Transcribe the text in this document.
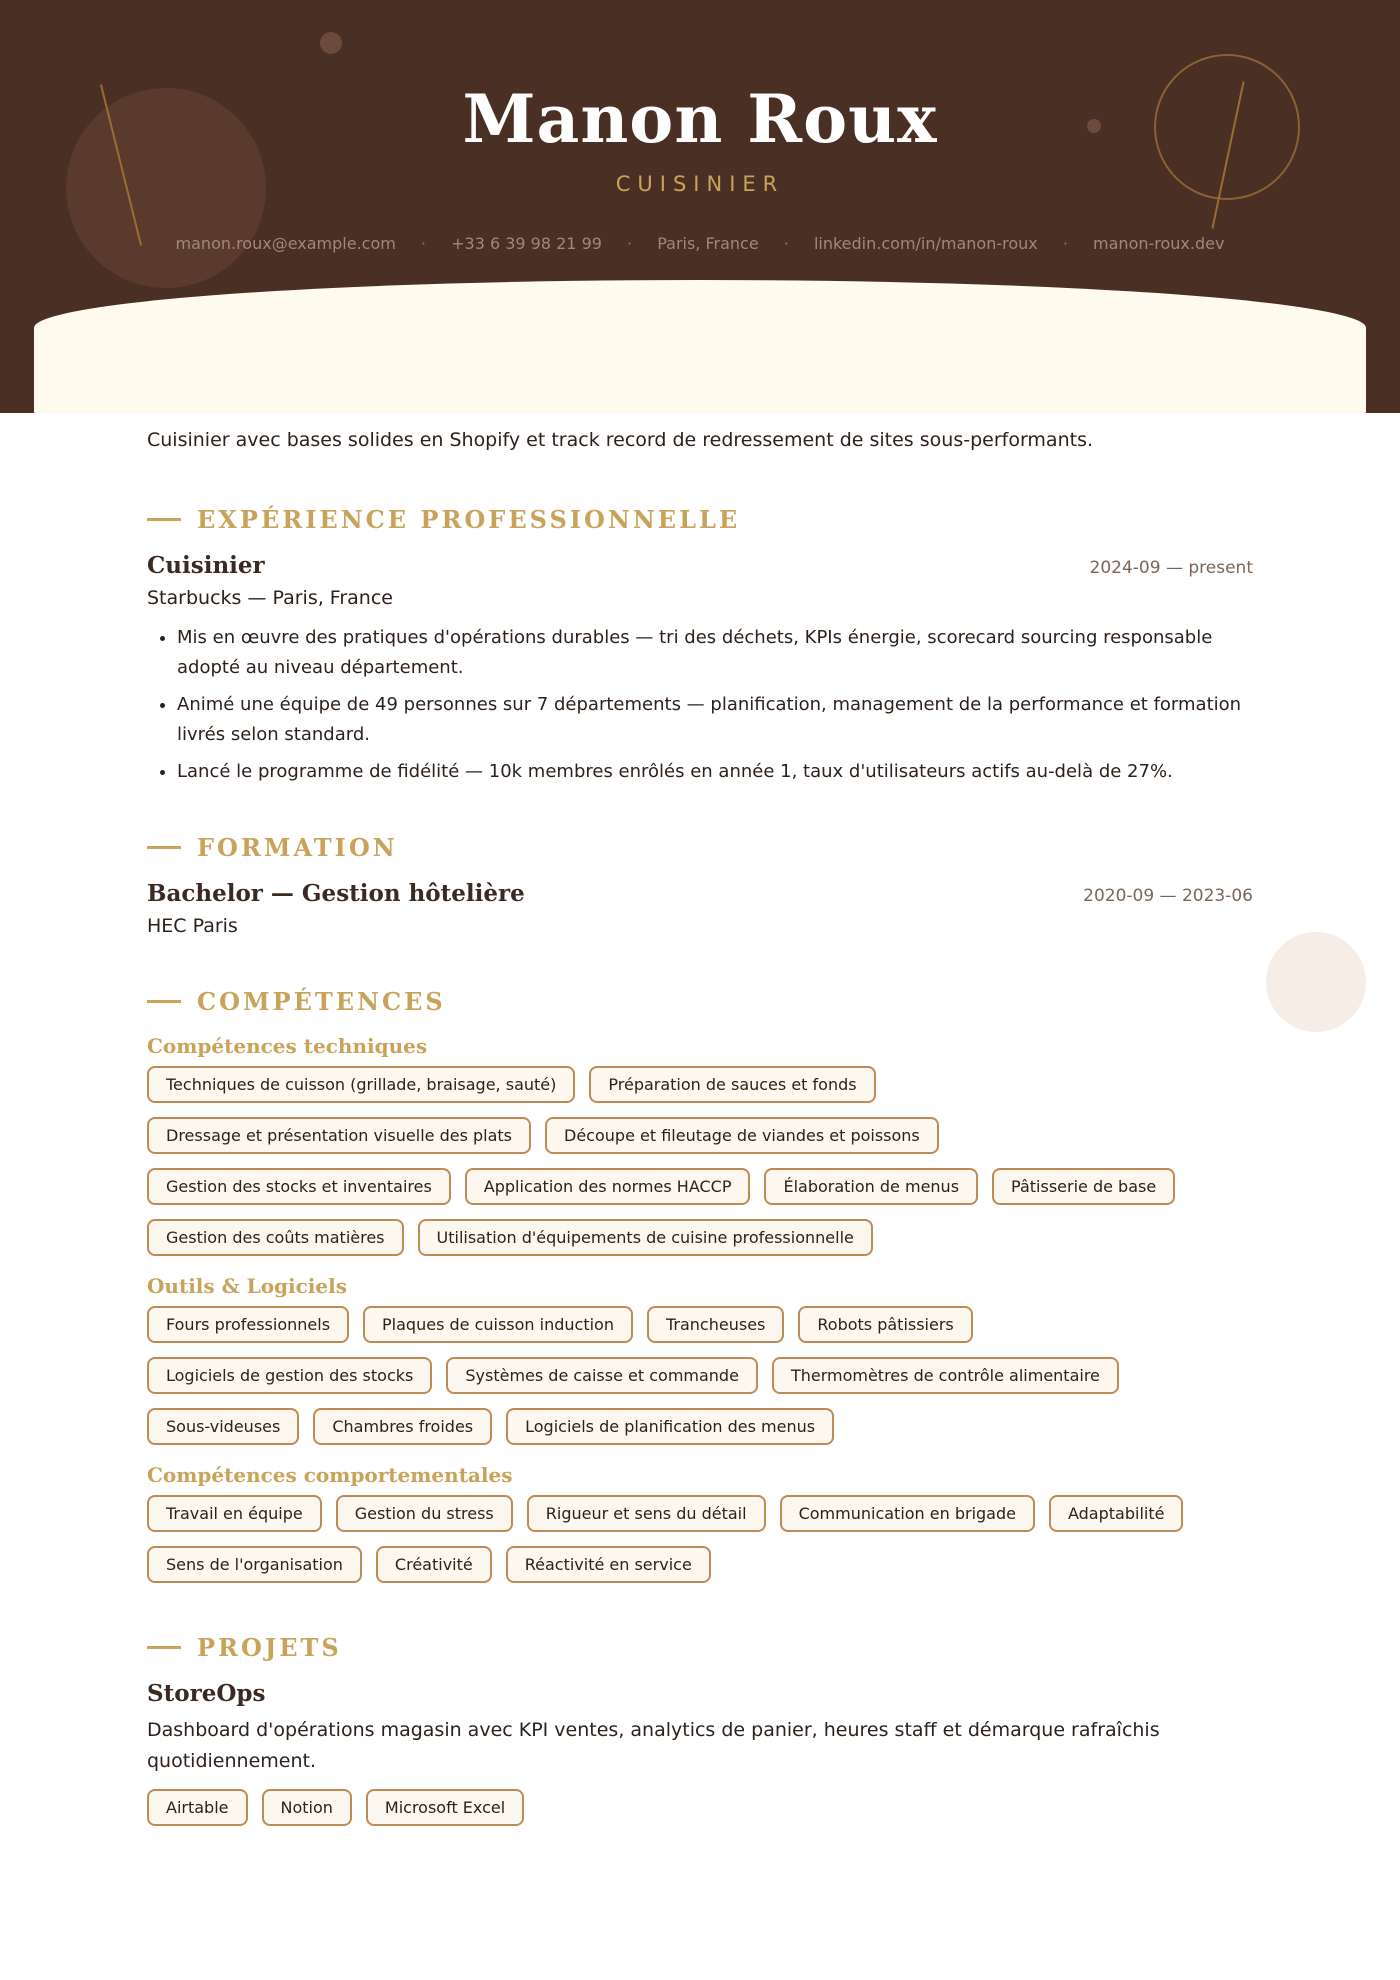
Manon Roux
CUISINIER
manon.roux@example.com · +33 6 39 98 21 99 · Paris, France · linkedin.com/in/manon-roux · manon-roux.dev

Cuisinier avec bases solides en Shopify et track record de redressement de sites sous-performants.

EXPÉRIENCE PROFESSIONNELLE
Cuisinier	2024-09 — present
Starbucks — Paris, France
• Mis en œuvre des pratiques d'opérations durables — tri des déchets, KPIs énergie, scorecard sourcing responsable adopté au niveau département.
• Animé une équipe de 49 personnes sur 7 départements — planification, management de la performance et formation livrés selon standard.
• Lancé le programme de fidélité — 10k membres enrôlés en année 1, taux d'utilisateurs actifs au-delà de 27%.
FORMATION
Bachelor — Gestion hôtelière	2020-09 — 2023-06
HEC Paris
COMPÉTENCES
Compétences techniques
Techniques de cuisson (grillade, braisage, sauté)	Préparation de sauces et fonds
Dressage et présentation visuelle des plats	Découpe et fileutage de viandes et poissons
Gestion des stocks et inventaires	Application des normes HACCP	Élaboration de menus	Pâtisserie de base
Gestion des coûts matières	Utilisation d'équipements de cuisine professionnelle
Outils & Logiciels
Fours professionnels	Plaques de cuisson induction	Trancheuses	Robots pâtissiers
Logiciels de gestion des stocks	Systèmes de caisse et commande	Thermomètres de contrôle alimentaire
Sous-videuses	Chambres froides	Logiciels de planification des menus
Compétences comportementales
Travail en équipe	Gestion du stress	Rigueur et sens du détail	Communication en brigade	Adaptabilité
Sens de l'organisation	Créativité	Réactivité en service
PROJETS
StoreOps
Dashboard d'opérations magasin avec KPI ventes, analytics de panier, heures staff et démarque rafraîchis quotidiennement.
Airtable	Notion	Microsoft Excel
